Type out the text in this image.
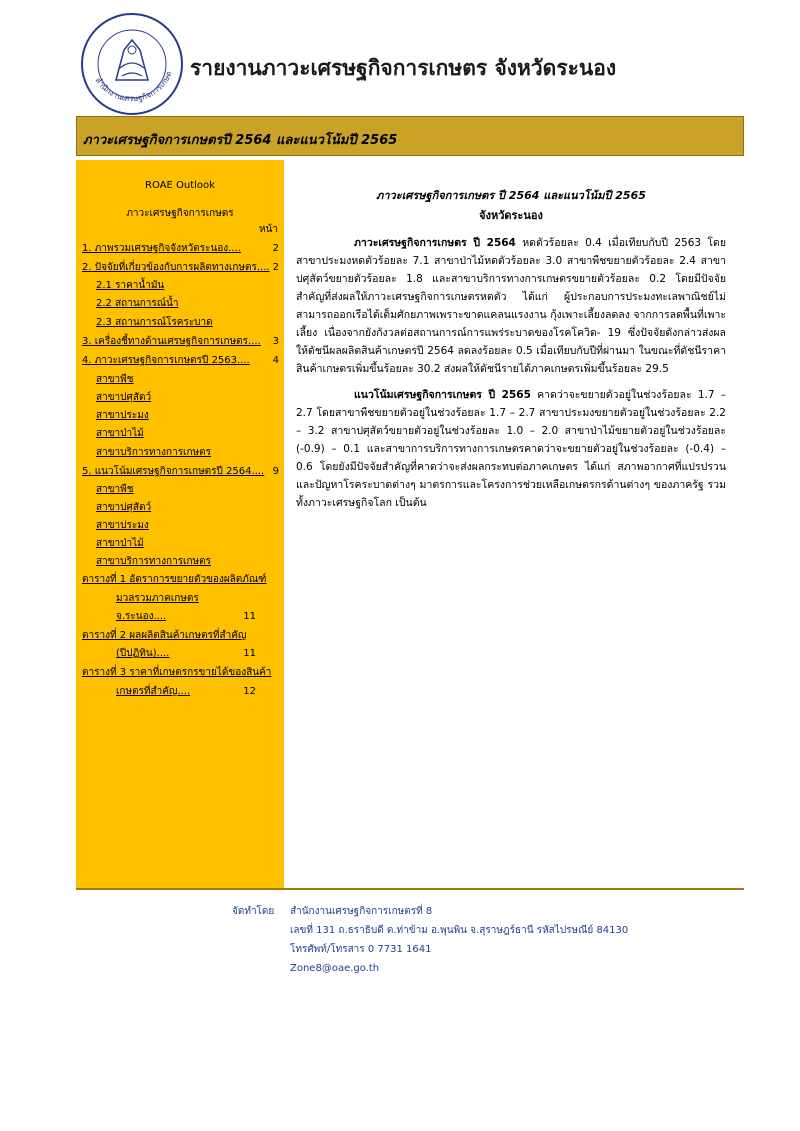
สำนักงานเศรษฐกิจการเกษต รายงานภาวะเศรษฐกิจการเกษตร จังหวัดระนอง
ภาวะเศรษฐกิจการเกษตรปี 2564 และแนวโน้มปี 2565
ROAE Outlook
ภาวะเศรษฐกิจการเกษตร
หน้า
1. ภาพรวมเศรษฐกิจจังหวัดระนอง....	2
2. ปัจจัยที่เกี่ยวข้องกับการผลิตทางเกษตร.... 2
2.1 ราคาน้ำมัน
2.2 สถานการณ์น้ำ
2.3 สถานการณ์โรคระบาด
3. เครื่องชี้ทางด้านเศรษฐกิจการเกษตร.... 3
4. ภาวะเศรษฐกิจการเกษตรปี 2563.... 4
สาขาพืช
สาขาปศุสัตว์
สาขาประมง
สาขาป่าไม้
สาขาบริการทางการเกษตร
5. แนวโน้มเศรษฐกิจการเกษตรปี 2564.... 9
สาขาพืช
สาขาปศุสัตว์
สาขาประมง
สาขาป่าไม้
สาขาบริการทางการเกษตร
ตารางที่ 1 อัตราการขยายตัวของผลิตภัณฑ์
มวลรวมภาคเกษตร
จ.ระนอง....	11
ตารางที่ 2 ผลผลิตสินค้าเกษตรที่สำคัญ
(ปีปฏิทิน)....	11
ตารางที่ 3 ราคาที่เกษตรกรขายได้ของสินค้า
เกษตรที่สำคัญ....	12

ภาวะเศรษฐกิจการเกษตร ปี 2564 และแนวโน้มปี 2565

จังหวัดระนอง

ภาวะเศรษฐกิจการเกษตร ปี 2564 หดตัวร้อยละ 0.4 เมื่อเทียบกับปี 2563 โดยสาขาประมงหดตัวร้อยละ 7.1 สาขาป่าไม้หดตัวร้อยละ 3.0 สาขาพืชขยายตัวร้อยละ 2.4 สาขาปศุสัตว์ขยายตัวร้อยละ 1.8 และสาขาบริการทางการเกษตรขยายตัวร้อยละ 0.2 โดยมีปัจจัยสำคัญที่ส่งผลให้ภาวะเศรษฐกิจการเกษตรหดตัว ได้แก่ ผู้ประกอบการประมงทะเลพาณิชย์ไม่สามารถออกเรือได้เต็มศักยภาพเพราะขาดแคลนแรงงาน กุ้งเพาะเลี้ยงลดลง จากการลดพื้นที่เพาะเลี้ยง เนื่องจากยังกังวลต่อสถานการณ์การแพร่ระบาดของโรคโควิด- 19 ซึ่งปัจจัยดังกล่าวส่งผลให้ดัชนีผลผลิตสินค้าเกษตรปี 2564 ลดลงร้อยละ 0.5 เมื่อเทียบกับปีที่ผ่านมา ในขณะที่ดัชนีราคาสินค้าเกษตรเพิ่มขึ้นร้อยละ 30.2 ส่งผลให้ดัชนีรายได้ภาคเกษตรเพิ่มขึ้นร้อยละ 29.5

แนวโน้มเศรษฐกิจการเกษตร ปี 2565 คาดว่าจะขยายตัวอยู่ในช่วงร้อยละ 1.7 – 2.7 โดยสาขาพืชขยายตัวอยู่ในช่วงร้อยละ 1.7 – 2.7 สาขาประมงขยายตัวอยู่ในช่วงร้อยละ 2.2 – 3.2 สาขาปศุสัตว์ขยายตัวอยู่ในช่วงร้อยละ 1.0 – 2.0 สาขาป่าไม้ขยายตัวอยู่ในช่วงร้อยละ (-0.9) – 0.1 และสาขาการบริการทางการเกษตรคาดว่าจะขยายตัวอยู่ในช่วงร้อยละ (-0.4) – 0.6 โดยยังมีปัจจัยสำคัญที่คาดว่าจะส่งผลกระทบต่อภาคเกษตร ได้แก่ สภาพอากาศที่แปรปรวน และปัญหาโรคระบาดต่างๆ มาตรการและโครงการช่วยเหลือเกษตรกรด้านต่างๆ ของภาครัฐ รวมทั้งภาวะเศรษฐกิจโลก เป็นต้น

จัดทำโดย สำนักงานเศรษฐกิจการเกษตรที่ 8
เลขที่ 131 ถ.ธราธิบดี ต.ท่าข้าม อ.พุนพิน จ.สุราษฎร์ธานี รหัสไปรษณีย์ 84130
โทรศัพท์/โทรสาร 0 7731 1641
Zone8@oae.go.th
